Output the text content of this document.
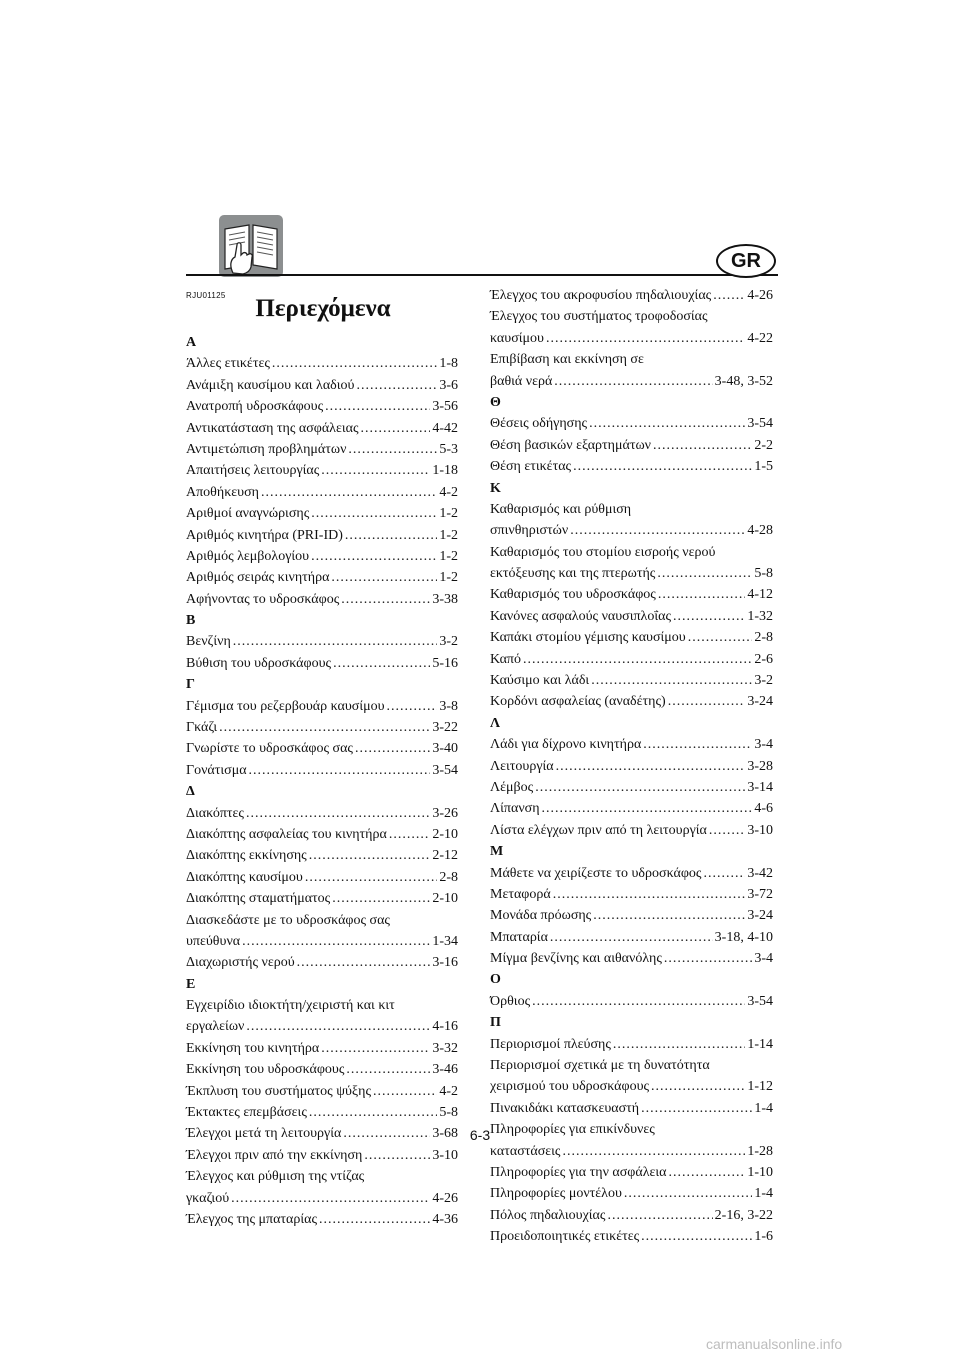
GR
RJU01125	Περιεχόμενα
Α
Άλλες ετικέτες .....	1-8
Ανάμιξη καυσίμου και λαδιού .....	3-6
Ανατροπή υδροσκάφους .....	3-56
Αντικατάσταση της ασφάλειας .....	4-42
Αντιμετώπιση προβλημάτων .....	5-3
Απαιτήσεις λειτουργίας .....	1-18
Αποθήκευση .....	4-2
Αριθμοί αναγνώρισης .....	1-2
Αριθμός κινητήρα (PRI-ID) .....	1-2
Αριθμός λεμβολογίου .....	1-2
Αριθμός σειράς κινητήρα .....	1-2
Αφήνοντας το υδροσκάφος .....	3-38
Β
Βενζίνη .....	3-2
Βύθιση του υδροσκάφους .....	5-16
Γ
Γέμισμα του ρεζερβουάρ καυσίμου .....	3-8
Γκάζι .....	3-22
Γνωρίστε το υδροσκάφος σας .....	3-40
Γονάτισμα .....	3-54
Δ
Διακόπτες .....	3-26
Διακόπτης ασφαλείας του κινητήρα .....	2-10
Διακόπτης εκκίνησης .....	2-12
Διακόπτης καυσίμου .....	2-8
Διακόπτης σταματήματος .....	2-10
Διασκεδάστε με το υδροσκάφος σας
υπεύθυνα .....	1-34
Διαχωριστής νερού .....	3-16
Ε
Εγχειρίδιο ιδιοκτήτη/χειριστή και κιτ
εργαλείων .....	4-16
Εκκίνηση του κινητήρα .....	3-32
Εκκίνηση του υδροσκάφους .....	3-46
Έκπλυση του συστήματος ψύξης .....	4-2
Έκτακτες επεμβάσεις .....	5-8
Έλεγχοι μετά τη λειτουργία .....	3-68
Έλεγχοι πριν από την εκκίνηση .....	3-10
Έλεγχος και ρύθμιση της ντίζας
γκαζιού .....	4-26
Έλεγχος της μπαταρίας .....	4-36
Έλεγχος του ακροφυσίου πηδαλιουχίας .....	4-26
Έλεγχος του συστήματος τροφοδοσίας
καυσίμου .....	4-22
Επιβίβαση και εκκίνηση σε
βαθιά νερά .....	3-48, 3-52
Θ
Θέσεις οδήγησης .....	3-54
Θέση βασικών εξαρτημάτων .....	2-2
Θέση ετικέτας .....	1-5
Κ
Καθαρισμός και ρύθμιση
σπινθηριστών .....	4-28
Καθαρισμός του στομίου εισροής νερού
εκτόξευσης και της πτερωτής .....	5-8
Καθαρισμός του υδροσκάφος .....	4-12
Κανόνες ασφαλούς ναυσιπλοΐας .....	1-32
Καπάκι στομίου γέμισης καυσίμου .....	2-8
Καπό .....	2-6
Καύσιμο και λάδι .....	3-2
Κορδόνι ασφαλείας (αναδέτης) .....	3-24
Λ
Λάδι για δίχρονο κινητήρα .....	3-4
Λειτουργία .....	3-28
Λέμβος .....	3-14
Λίπανση .....	4-6
Λίστα ελέγχων πριν από τη λειτουργία .....	3-10
Μ
Μάθετε να χειρίζεστε το υδροσκάφος .....	3-42
Μεταφορά .....	3-72
Μονάδα πρόωσης .....	3-24
Μπαταρία .....	3-18, 4-10
Μίγμα βενζίνης και αιθανόλης .....	3-4
Ο
Όρθιος .....	3-54
Π
Περιορισμοί πλεύσης .....	1-14
Περιορισμοί σχετικά με τη δυνατότητα
χειρισμού του υδροσκάφους .....	1-12
Πινακιδάκι κατασκευαστή .....	1-4
Πληροφορίες για επικίνδυνες
καταστάσεις .....	1-28
Πληροφορίες για την ασφάλεια .....	1-10
Πληροφορίες μοντέλου .....	1-4
Πόλος πηδαλιουχίας .....	2-16, 3-22
Προειδοποιητικές ετικέτες .....	1-6
6-3
carmanualsonline.info
